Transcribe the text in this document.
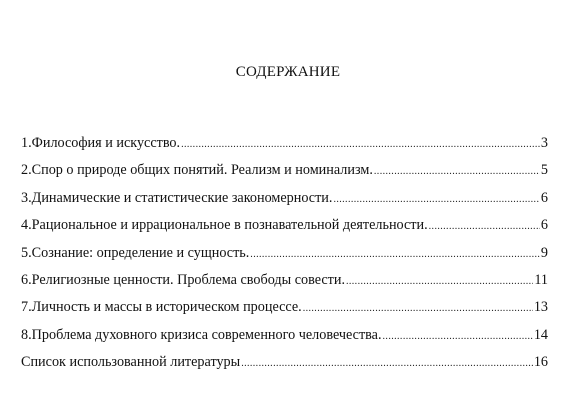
СОДЕРЖАНИЕ
1.Философия и искусство. .....	3
2.Спор о природе общих понятий. Реализм и номинализм. .....	5
3.Динамические и статистические закономерности. .....	6
4.Рациональное и иррациональное в познавательной деятельности. .....	6
5.Сознание: определение и сущность. .....	9
6.Религиозные ценности. Проблема свободы совести. .....	11
7.Личность и массы в историческом процессе. .....	13
8.Проблема духовного кризиса современного человечества. .....	14
Список использованной литературы .....	16
